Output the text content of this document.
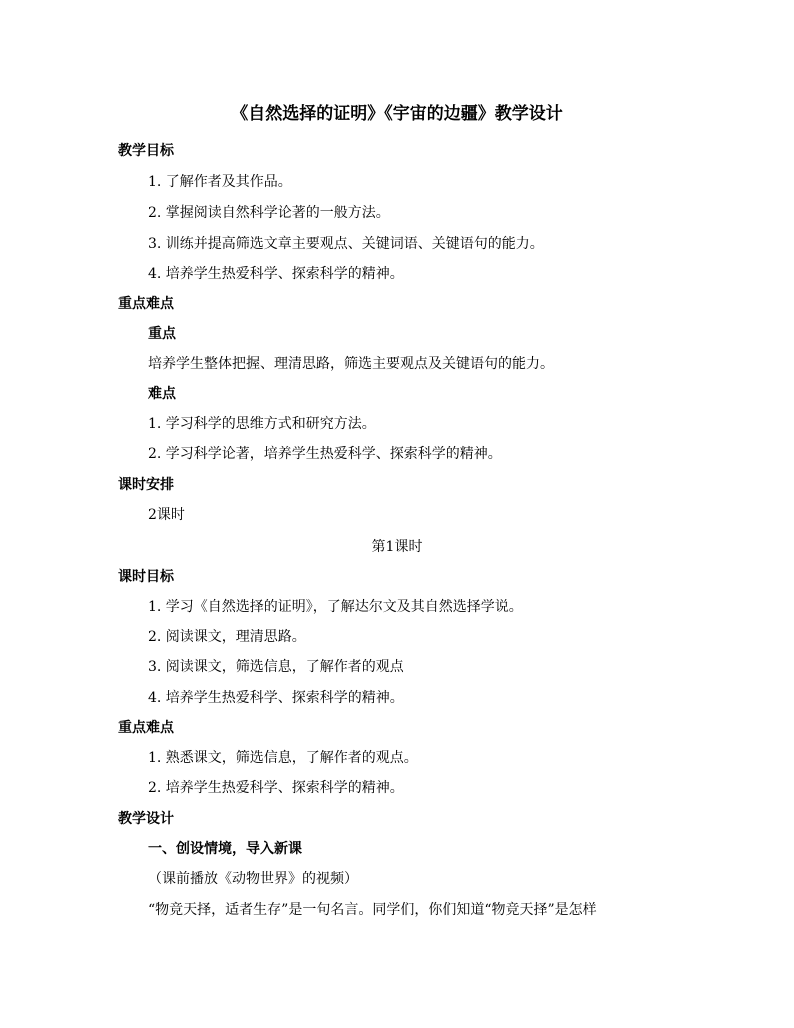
《自然选择的证明》《宇宙的边疆》教学设计
教学目标
1. 了解作者及其作品。
2. 掌握阅读自然科学论著的一般方法。
3. 训练并提高筛选文章主要观点、关键词语、关键语句的能力。
4. 培养学生热爱科学、探索科学的精神。
重点难点
重点
培养学生整体把握、理清思路，筛选主要观点及关键语句的能力。
难点
1. 学习科学的思维方式和研究方法。
2. 学习科学论著，培养学生热爱科学、探索科学的精神。
课时安排
2课时
第1课时
课时目标
1. 学习《自然选择的证明》，了解达尔文及其自然选择学说。
2. 阅读课文，理清思路。
3. 阅读课文，筛选信息，了解作者的观点
4. 培养学生热爱科学、探索科学的精神。
重点难点
1. 熟悉课文，筛选信息，了解作者的观点。
2. 培养学生热爱科学、探索科学的精神。
教学设计
一、创设情境，导入新课
（课前播放《动物世界》的视频）
“物竞天择，适者生存”是一句名言。同学们，你们知道“物竞天择”是怎样
